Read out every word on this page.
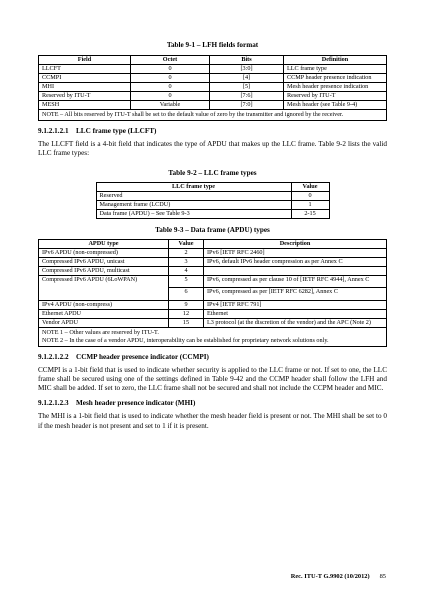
Table 9-1 – LFH fields format
Field	Octet	Bits	Definition
LLCFT	0	[3:0]	LLC frame type
CCMPI	0	[4]	CCMP header presence indication
MHI	0	[5]	Mesh header presence indication
Reserved by ITU-T	0	[7:6]	Reserved by ITU-T
MESH	Variable	[7:0]	Mesh header (see Table 9-4)
NOTE – All bits reserved by ITU-T shall be set to the default value of zero by the transmitter and ignored by the receiver.
9.1.2.1.2.1 LLC frame type (LLCFT)
The LLCFT field is a 4-bit field that indicates the type of APDU that makes up the LLC frame. Table 9-2 lists the valid LLC frame types:
Table 9-2 – LLC frame types
LLC frame type	Value
Reserved	0
Management frame (LCDU)	1
Data frame (APDU) – See Table 9-3	2-15
Table 9-3 – Data frame (APDU) types
APDU type	Value	Description
IPv6 APDU (non-compressed)	2	IPv6 [IETF RFC 2460]
Compressed IPv6 APDU, unicast	3	IPv6, default IPv6 header compression as per Annex C
Compressed IPv6 APDU, multicast	4	
Compressed IPv6 APDU (6LoWPAN)	5	IPv6, compressed as per clause 10 of [IETF RFC 4944], Annex C
	6	IPv6, compressed as per [IETF RFC 6282], Annex C
IPv4 APDU (non-compress)	9	IPv4 [IETF RFC 791]
Ethernet APDU	12	Ethernet
Vendor APDU	15	L3 protocol (at the discretion of the vendor) and the APC (Note 2)
NOTE 1 – Other values are reserved by ITU-T.
NOTE 2 – In the case of a vendor APDU, interoperability can be established for proprietary network solutions only.
9.1.2.1.2.2 CCMP header presence indicator (CCMPI)
CCMPI is a 1-bit field that is used to indicate whether security is applied to the LLC frame or not. If set to one, the LLC frame shall be secured using one of the settings defined in Table 9-42 and the CCMP header shall follow the LFH and MIC shall be added. If set to zero, the LLC frame shall not be secured and shall not include the CCPM header and MIC.
9.1.2.1.2.3 Mesh header presence indicator (MHI)
The MHI is a 1-bit field that is used to indicate whether the mesh header field is present or not. The MHI shall be set to 0 if the mesh header is not present and set to 1 if it is present.
Rec. ITU-T G.9902 (10/2012) 85
